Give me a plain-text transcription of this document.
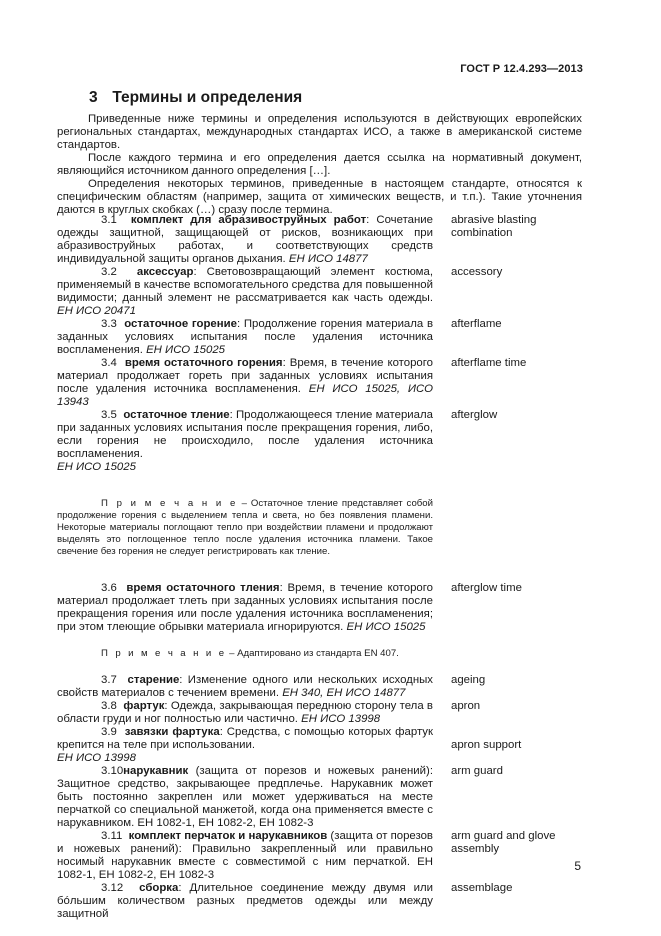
ГОСТ Р 12.4.293—2013
3 Термины и определения

Приведенные ниже термины и определения используются в действующих европейских региональных стандартах, международных стандартах ИСО, а также в американской системе стандартов.

После каждого термина и его определения дается ссылка на нормативный документ, являющийся источником данного определения […].

Определения некоторых терминов, приведенные в настоящем стандарте, относятся к специфическим областям (например, защита от химических веществ, и т.п.). Такие уточнения даются в круглых скобках (…) сразу после термина.

3.1 комплект для абразивоструйных работ: Сочетание одежды защитной, защищающей от рисков, возникающих при абразивоструйных работах, и соответствующих средств индивидуальной защиты органов дыхания. ЕН ИСО 14877
abrasive blasting combination
3.2 аксессуар: Световозвращающий элемент костюма, применяемый в качестве вспомогательного средства для повышенной видимости; данный элемент не рассматривается как часть одежды. ЕН ИСО 20471
accessory
3.3 остаточное горение: Продолжение горения материала в заданных условиях испытания после удаления источника воспламенения. ЕН ИСО 15025
afterflame
3.4 время остаточного горения: Время, в течение которого материал продолжает гореть при заданных условиях испытания после удаления источника воспламенения. ЕН ИСО 15025, ИСО 13943
afterflame time
3.5 остаточное тление: Продолжающееся тление материала при заданных условиях испытания после прекращения горения, либо, если горения не происходило, после удаления источника воспламенения.
ЕН ИСО 15025
afterglow
П р и м е ч а н и е – Остаточное тление представляет собой продолжение горения с выделением тепла и света, но без появления пламени. Некоторые материалы поглощают тепло при воздействии пламени и продолжают выделять это поглощенное тепло после удаления источника пламени. Такое свечение без горения не следует регистрировать как тление.
3.6 время остаточного тления: Время, в течение которого материал продолжает тлеть при заданных условиях испытания после прекращения горения или после удаления источника воспламенения; при этом тлеющие обрывки материала игнорируются. ЕН ИСО 15025
afterglow time
П р и м е ч а н и е – Адаптировано из стандарта EN 407.
3.7 старение: Изменение одного или нескольких исходных свойств материалов с течением времени. ЕН 340, ЕН ИСО 14877
ageing
3.8 фартук: Одежда, закрывающая переднюю сторону тела в области груди и ног полностью или частично. ЕН ИСО 13998
apron
3.9 завязки фартука: Средства, с помощью которых фартук крепится на теле при использовании.
ЕН ИСО 13998
apron support
3.10нарукавник (защита от порезов и ножевых ранений): Защитное средство, закрывающее предплечье. Нарукавник может быть постоянно закреплен или может удерживаться на месте перчаткой со специальной манжетой, когда она применяется вместе с нарукавником. ЕН 1082-1, ЕН 1082-2, ЕН 1082-3
arm guard
3.11 комплект перчаток и нарукавников (защита от порезов и ножевых ранений): Правильно закрепленный или правильно носимый нарукавник вместе с совместимой с ним перчаткой. ЕН 1082-1, ЕН 1082-2, ЕН 1082-3
arm guard and glove assembly
3.12 сборка: Длительное соединение между двумя или бóльшим количеством разных предметов одежды или между защитной
assemblage
5
